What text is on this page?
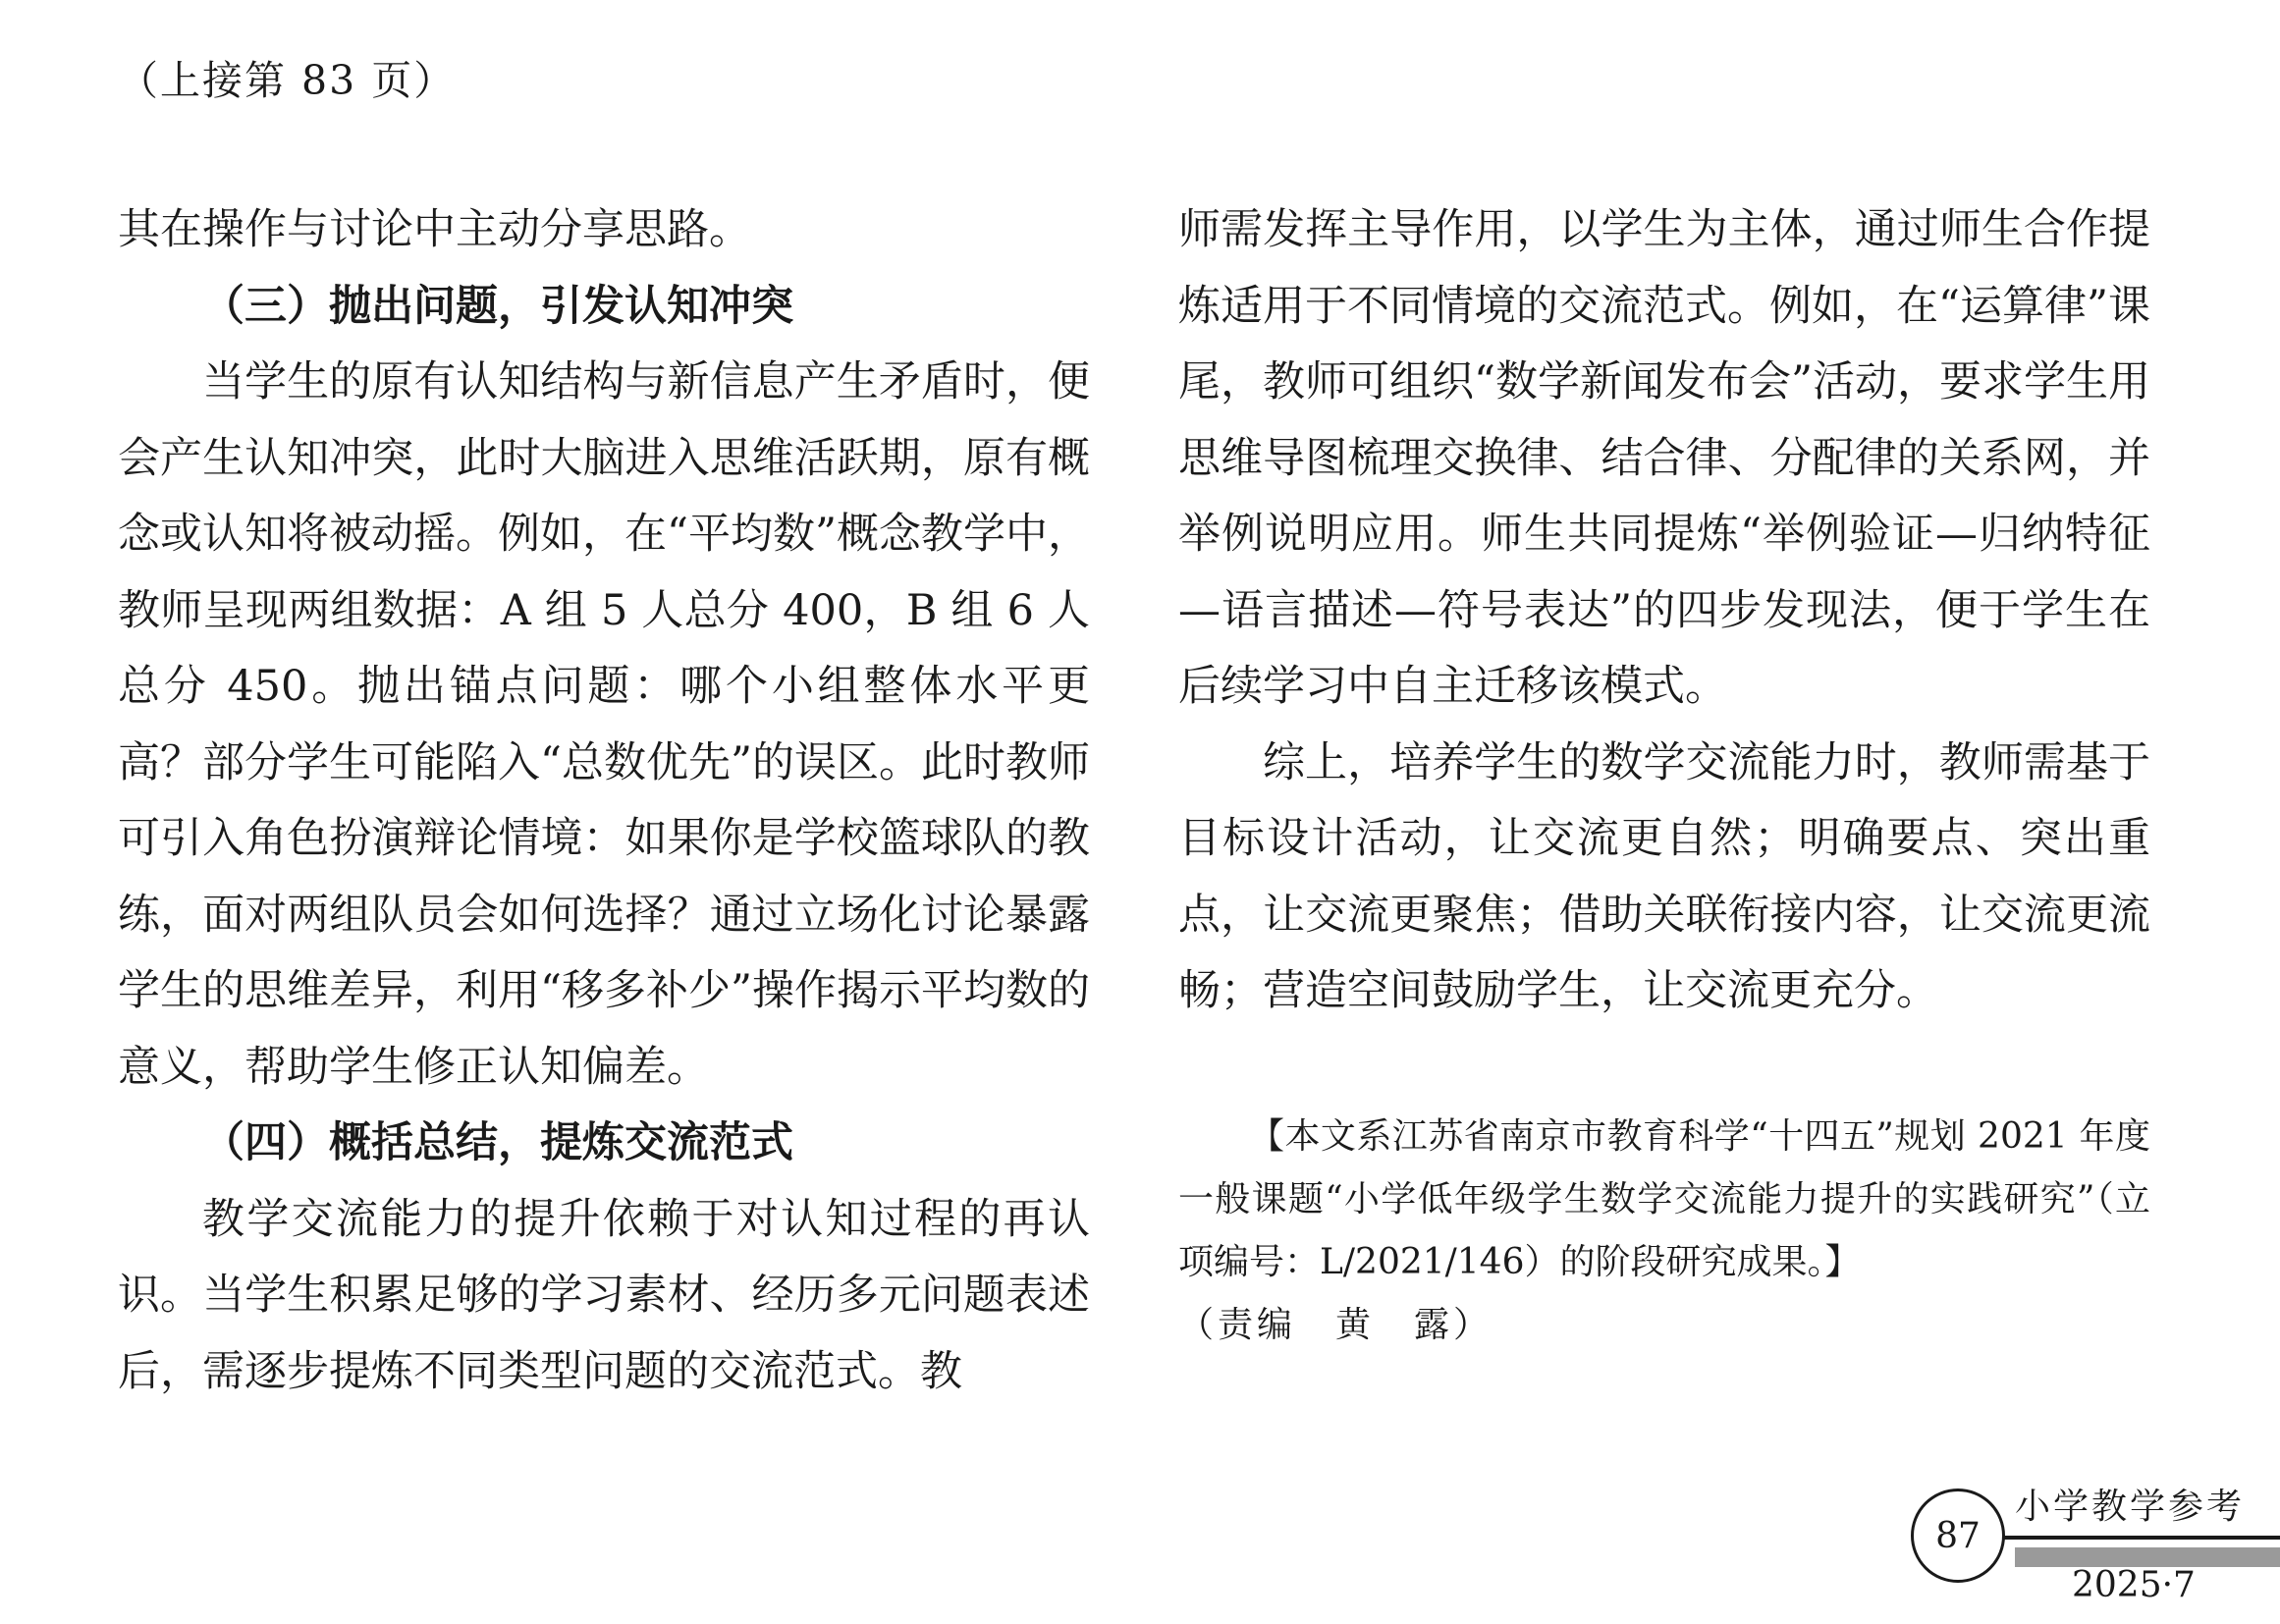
（上接第 83 页）

其在操作与讨论中主动分享思路。

（三）抛出问题，引发认知冲突

当学生的原有认知结构与新信息产生矛盾时，便会产生认知冲突，此时大脑进入思维活跃期，原有概念或认知将被动摇。例如，在“平均数”概念教学中，教师呈现两组数据：A 组 5 人总分 400，B 组 6 人总分 450。抛出锚点问题：哪个小组整体水平更高？部分学生可能陷入“总数优先”的误区。此时教师可引入角色扮演辩论情境：如果你是学校篮球队的教练，面对两组队员会如何选择？通过立场化讨论暴露学生的思维差异，利用“移多补少”操作揭示平均数的意义，帮助学生修正认知偏差。

（四）概括总结，提炼交流范式

教学交流能力的提升依赖于对认知过程的再认识。当学生积累足够的学习素材、经历多元问题表述后，需逐步提炼不同类型问题的交流范式。教

师需发挥主导作用，以学生为主体，通过师生合作提炼适用于不同情境的交流范式。例如，在“运算律”课尾，教师可组织“数学新闻发布会”活动，要求学生用思维导图梳理交换律、结合律、分配律的关系网，并举例说明应用。师生共同提炼“举例验证—归纳特征—语言描述—符号表达”的四步发现法，便于学生在后续学习中自主迁移该模式。

综上，培养学生的数学交流能力时，教师需基于目标设计活动，让交流更自然；明确要点、突出重点，让交流更聚焦；借助关联衔接内容，让交流更流畅；营造空间鼓励学生，让交流更充分。

【本文系江苏省南京市教育科学“十四五”规划 2021 年度一般课题“小学低年级学生数学交流能力提升的实践研究”（立项编号：L/2021/146）的阶段研究成果。】

（责编　黄　露）

87
小学教学参考
2025·7
